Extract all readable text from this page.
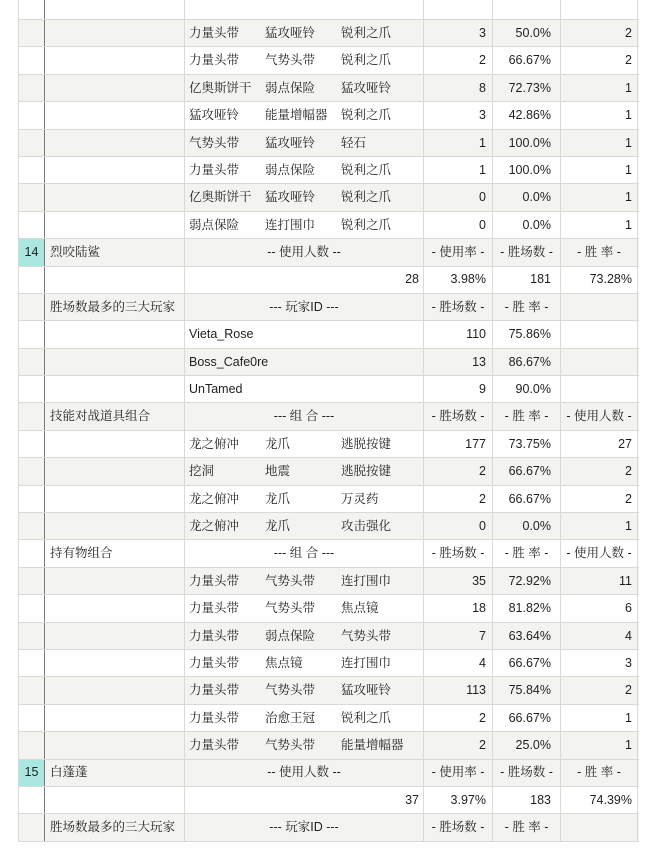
力量头带	猛攻哑铃	锐利之爪	3	50.0%	2
力量头带	气势头带	锐利之爪	2	66.67%	2
亿奥斯饼干	弱点保险	猛攻哑铃	8	72.73%	1
猛攻哑铃	能量增幅器	锐利之爪	3	42.86%	1
气势头带	猛攻哑铃	轻石	1	100.0%	1
力量头带	弱点保险	锐利之爪	1	100.0%	1
亿奥斯饼干	猛攻哑铃	锐利之爪	0	0.0%	1
弱点保险	连打围巾	锐利之爪	0	0.0%	1
14 烈咬陆鲨	-- 使用人数 --	- 使用率 -	- 胜场数 -	- 胜 率 -
28	3.98%	181	73.28%
胜场数最多的三大玩家	--- 玩家ID ---	- 胜场数 -	- 胜 率 -
Vieta_Rose	110	75.86%
Boss_Cafe0re	13	86.67%
UnTamed	9	90.0%
技能对战道具组合	--- 组 合 ---	- 胜场数 -	- 胜 率 -	- 使用人数 -
龙之俯冲	龙爪	逃脱按键	177	73.75%	27
挖洞	地震	逃脱按键	2	66.67%	2
龙之俯冲	龙爪	万灵药	2	66.67%	2
龙之俯冲	龙爪	攻击强化	0	0.0%	1
持有物组合	--- 组 合 ---	- 胜场数 -	- 胜 率 -	- 使用人数 -
力量头带	气势头带	连打围巾	35	72.92%	11
力量头带	气势头带	焦点镜	18	81.82%	6
力量头带	弱点保险	气势头带	7	63.64%	4
力量头带	焦点镜	连打围巾	4	66.67%	3
力量头带	气势头带	猛攻哑铃	113	75.84%	2
力量头带	治愈王冠	锐利之爪	2	66.67%	1
力量头带	气势头带	能量增幅器	2	25.0%	1
15 白蓬蓬	-- 使用人数 --	- 使用率 -	- 胜场数 -	- 胜 率 -
37	3.97%	183	74.39%
胜场数最多的三大玩家	--- 玩家ID ---	- 胜场数 -	- 胜 率 -
